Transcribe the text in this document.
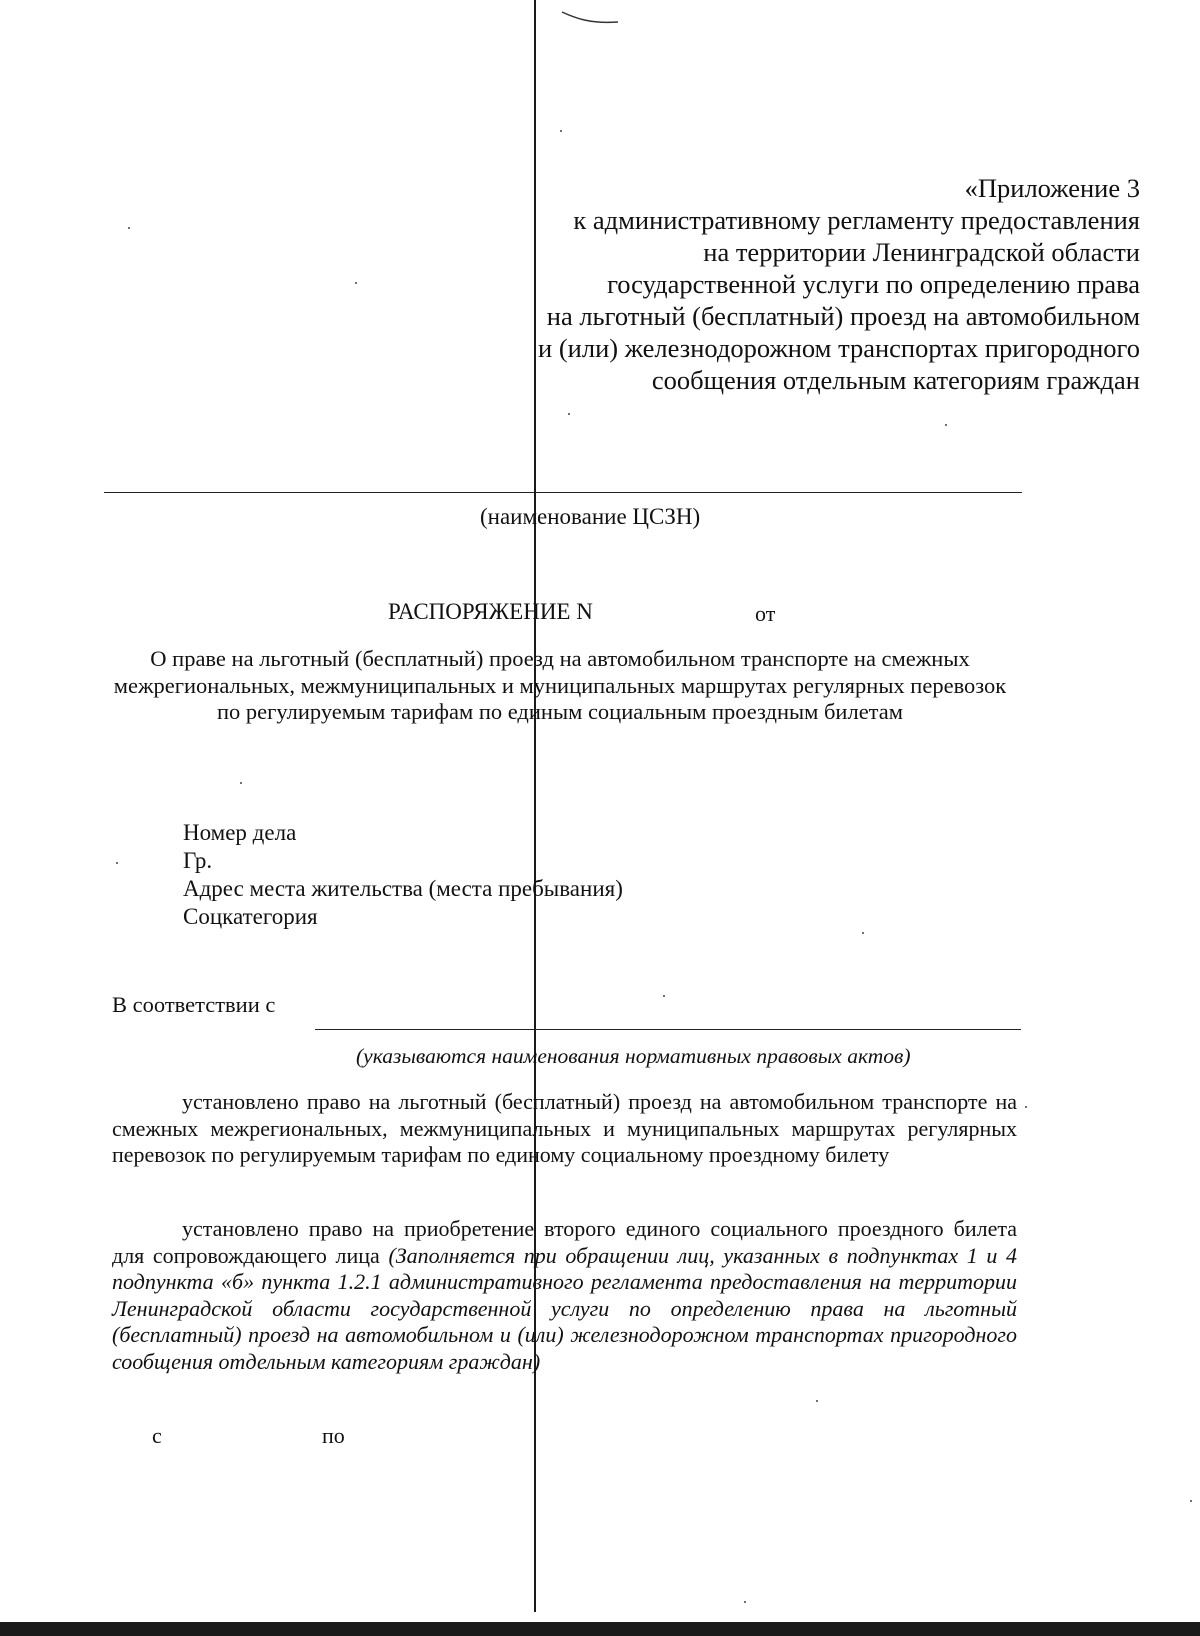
«Приложение 3
к административному регламенту предоставления
на территории Ленинградской области
государственной услуги по определению права
на льготный (бесплатный) проезд на автомобильном
и (или) железнодорожном транспортах пригородного
сообщения отдельным категориям граждан
(наименование ЦСЗН)
РАСПОРЯЖЕНИЕ N	от
О праве на льготный (бесплатный) проезд на автомобильном транспорте на смежных межрегиональных, межмуниципальных и муниципальных маршрутах регулярных перевозок по регулируемым тарифам по единым социальным проездным билетам
Номер дела
Гр.
Адрес места жительства (места пребывания)
Соцкатегория
В соответствии с
(указываются наименования нормативных правовых актов)
установлено право на льготный (бесплатный) проезд на автомобильном транспорте на смежных межрегиональных, межмуниципальных и муниципальных маршрутах регулярных перевозок по регулируемым тарифам по единому социальному проездному билету
установлено право на приобретение второго единого социального проездного билета для сопровождающего лица (Заполняется при обращении лиц, указанных в подпунктах 1 и 4 подпункта «б» пункта 1.2.1 административного регламента предоставления на территории Ленинградской области государственной услуги по определению права на льготный (бесплатный) проезд на автомобильном и (или) железнодорожном транспортах пригородного сообщения отдельным категориям граждан)
с	по
